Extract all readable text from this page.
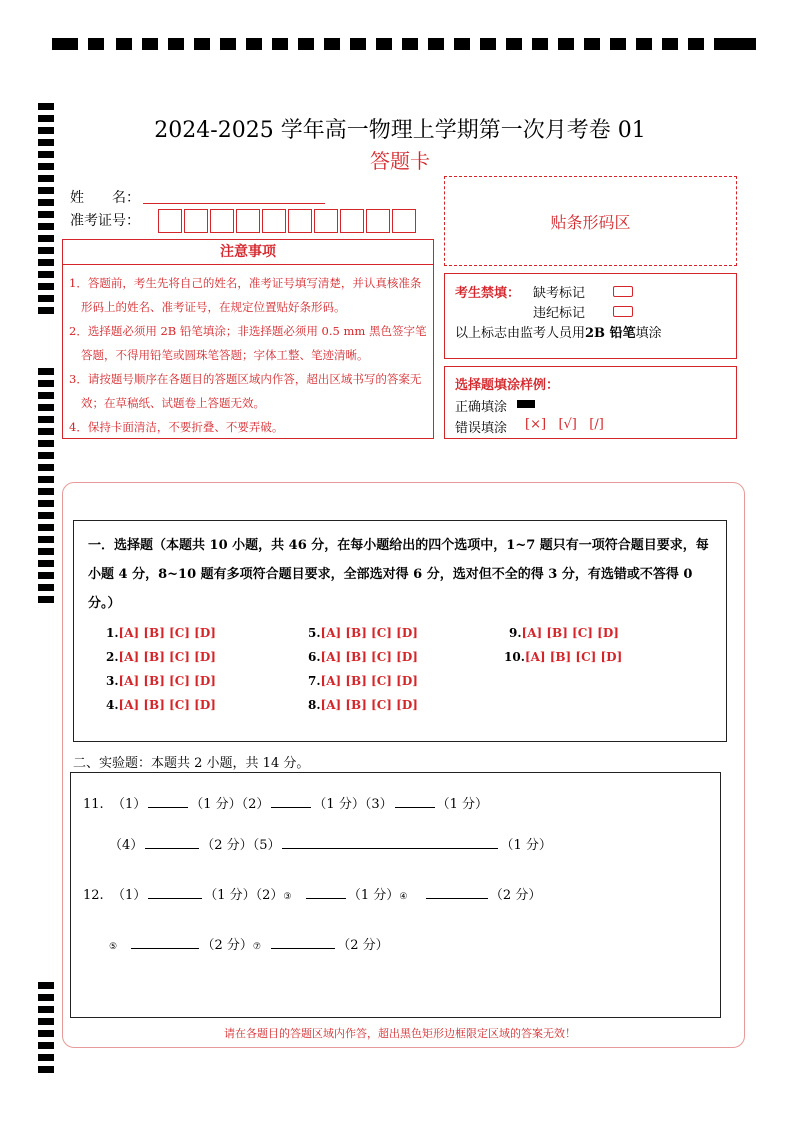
2024-2025 学年高一物理上学期第一次月考卷 01
答题卡
姓　　名：
准考证号：	贴条形码区
注意事项
1．答题前，考生先将自己的姓名，准考证号填写清楚，并认真核准条形码上的姓名、准考证号，在规定位置贴好条形码。
2．选择题必须用 2B 铅笔填涂；非选择题必须用 0.5 mm 黑色签字笔答题，不得用铅笔或圆珠笔答题；字体工整、笔迹清晰。
3．请按题号顺序在各题目的答题区域内作答，超出区域书写的答案无效；在草稿纸、试题卷上答题无效。
4．保持卡面清洁，不要折叠、不要弄破。
考生禁填： 缺考标记
违纪标记
以上标志由监考人员用2B 铅笔填涂
选择题填涂样例：
正确填涂
错误填涂 [×] [√] [/]
一．选择题（本题共 10 小题，共 46 分，在每小题给出的四个选项中，1~7 题只有一项符合题目要求，每小题 4 分，8~10 题有多项符合题目要求，全部选对得 6 分，选对但不全的得 3 分，有选错或不答得 0 分。）
1.[A] [B] [C] [D]
2.[A] [B] [C] [D]
3.[A] [B] [C] [D]
4.[A] [B] [C] [D]
5.[A] [B] [C] [D]
6.[A] [B] [C] [D]
7.[A] [B] [C] [D]
8.[A] [B] [C] [D]
9.[A] [B] [C] [D]
10.[A] [B] [C] [D]
二、实验题：本题共 2 小题，共 14 分。
11. （1）	（1 分）（2）	（1 分）（3）	（1 分）
（4）	（2 分）（5）	（1 分）
12. （1）	（1 分）（2）③	（1 分）④	（2 分）
⑤	（2 分）⑦	（2 分）
请在各题目的答题区域内作答，超出黑色矩形边框限定区域的答案无效！
